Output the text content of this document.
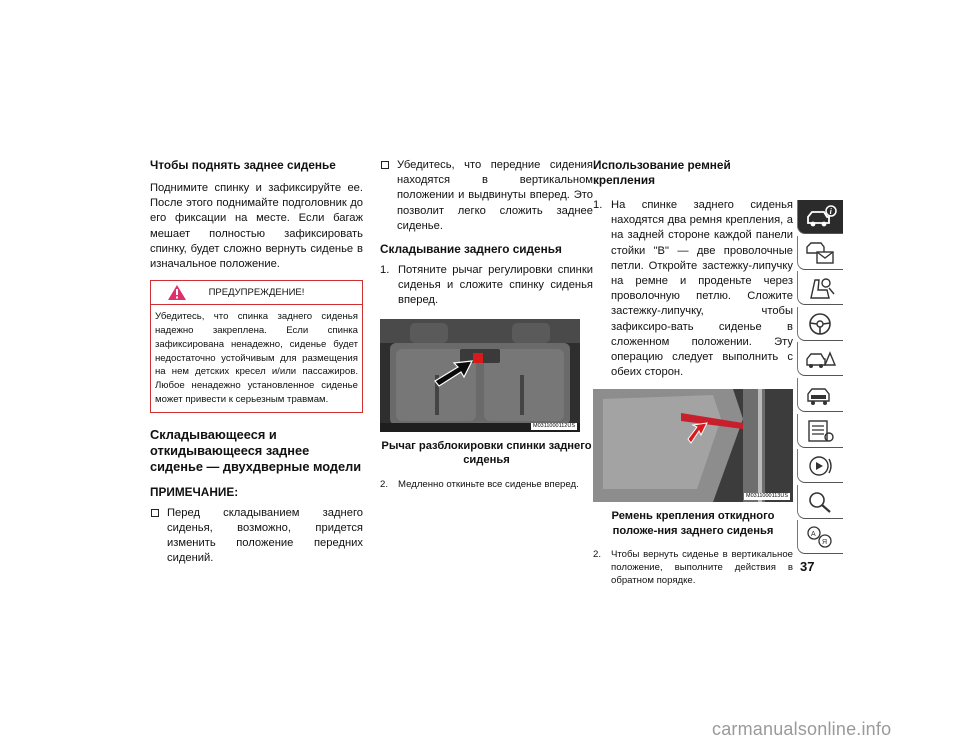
Чтобы поднять заднее сиденье

Поднимите спинку и зафиксируйте ее. После этого поднимайте подголовник до его фиксации на месте. Если багаж мешает полностью зафиксировать спинку, будет сложно вернуть сиденье в изначальное положение.

ПРЕДУПРЕЖДЕНИЕ!
Убедитесь, что спинка заднего сиденья надежно закреплена. Если спинка зафиксирована ненадежно, сиденье будет недостаточно устойчивым для размещения на нем детских кресел и/или пассажиров. Любое ненадежно установленное сиденье может привести к серьезным травмам.
Складывающееся и откидывающееся заднее сиденье — двухдверные модели
ПРИМЕЧАНИЕ:
Перед складыванием заднего сиденья, возможно, придется изменить положение передних сидений.
Убедитесь, что передние сидения находятся в вертикальном положении и выдвинуты вперед. Это позволит легко сложить заднее сиденье.
Складывание заднего сиденья
1. Потяните рычаг регулировки спинки сиденья и сложите спинку сиденья вперед.
M0311000112US
Рычаг разблокировки спинки заднего сиденья
2. Медленно откиньте все сиденье вперед.
Использование ремней крепления
1. На спинке заднего сиденья находятся два ремня крепления, а на задней стороне каждой панели стойки "B" — две проволочные петли. Откройте застежку-липучку на ремне и проденьте через проволочную петлю. Сложите застежку-липучку, чтобы зафиксиро-вать сиденье в сложенном положении. Эту операцию следует выполнить с обеих сторон.
M0311000113US
Ремень крепления откидного положе-ния заднего сиденья
2. Чтобы вернуть сиденье в вертикальное положение, выполните действия в обратном порядке.
i
A
Я
37
carmanualsonline.info
